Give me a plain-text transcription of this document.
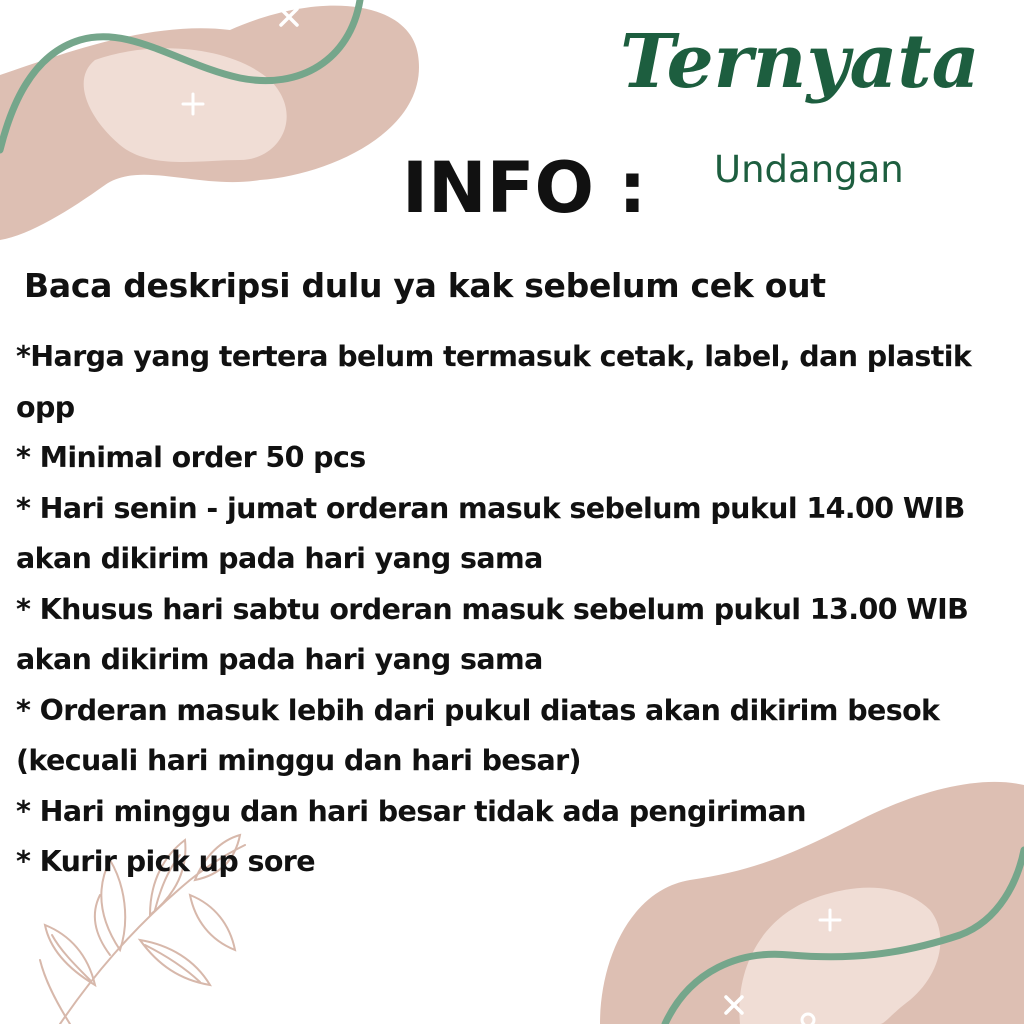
Ternyata
Undangan
INFO :
Baca deskripsi dulu ya kak sebelum cek out
*Harga yang tertera belum termasuk cetak, label, dan plastik opp
* Minimal order 50 pcs
* Hari senin - jumat orderan masuk sebelum pukul 14.00 WIB akan dikirim pada hari yang sama
* Khusus hari sabtu orderan masuk sebelum pukul 13.00 WIB akan dikirim pada hari yang sama
* Orderan masuk lebih dari pukul diatas akan dikirim besok (kecuali hari minggu dan hari besar)
* Hari minggu dan hari besar tidak ada pengiriman
* Kurir pick up sore
